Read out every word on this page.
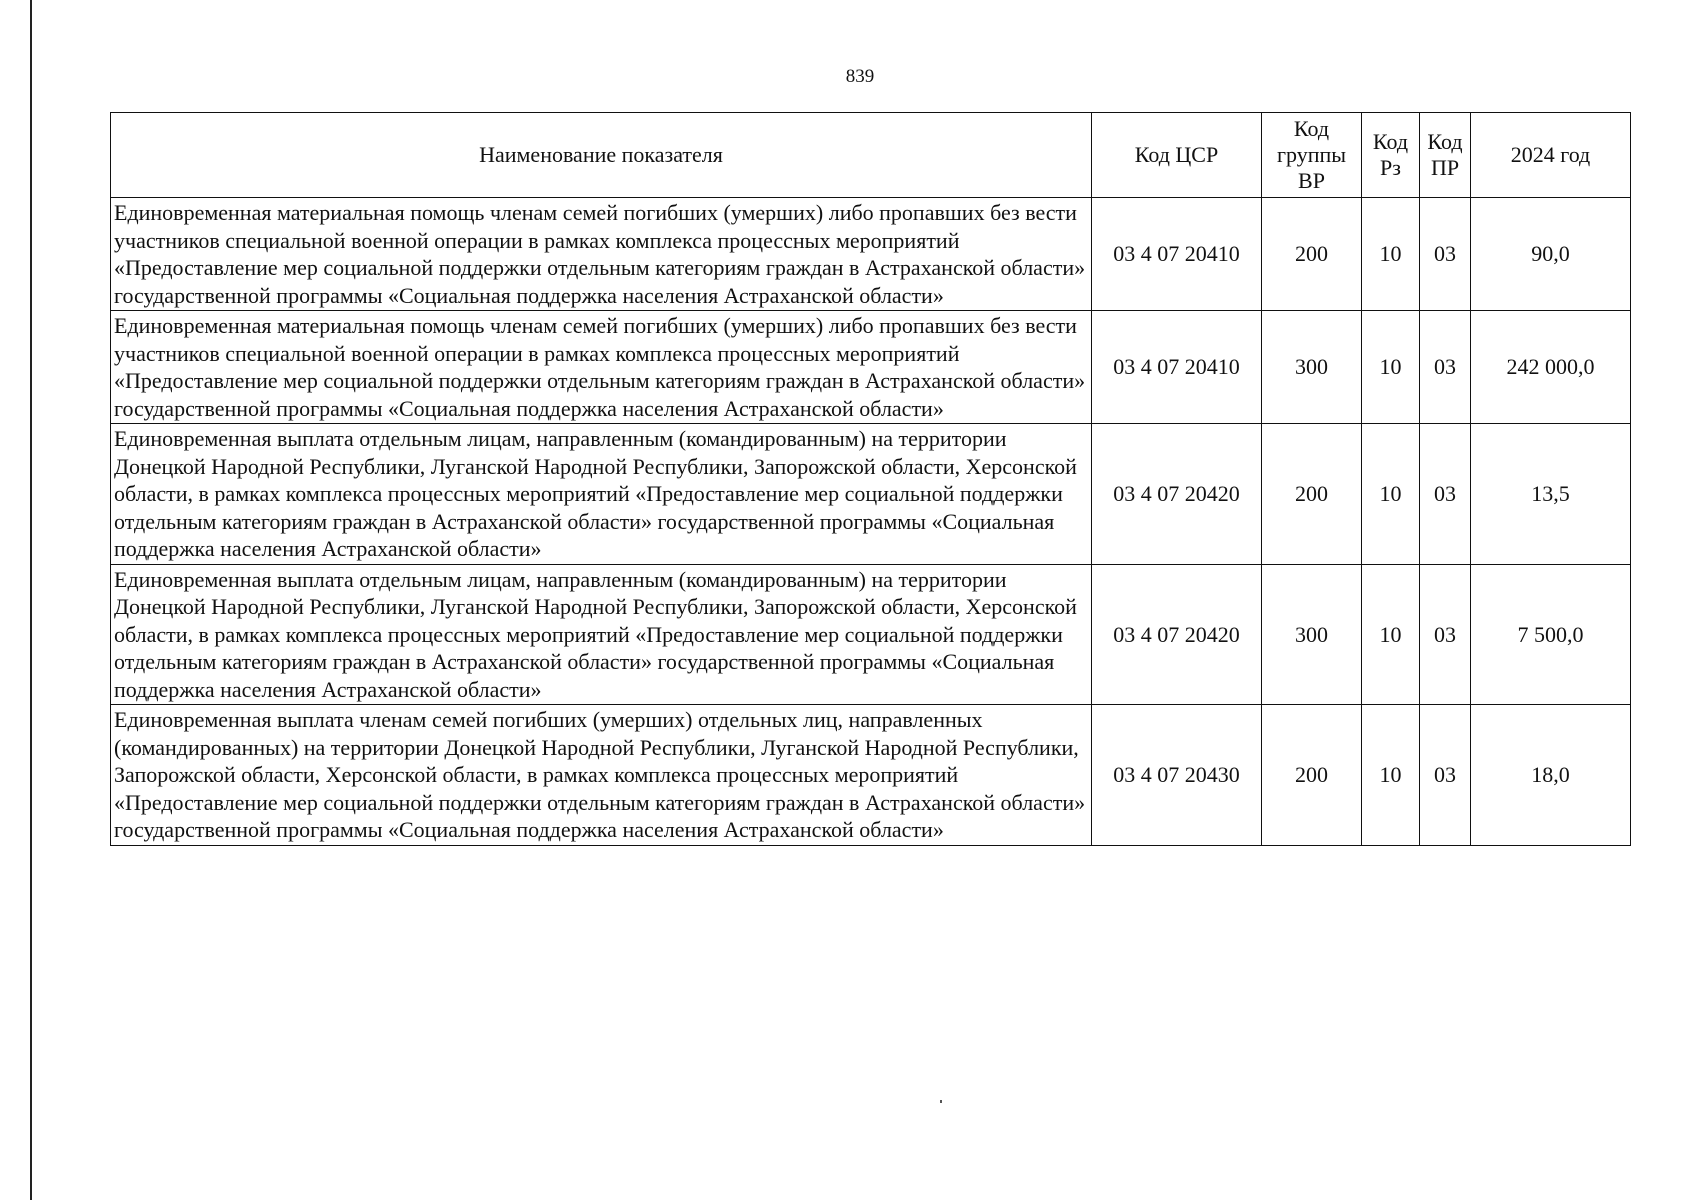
839
Наименование показателя	Код ЦСР	Код группы ВР	Код Рз	Код ПР	2024 год
Единовременная материальная помощь членам семей погибших (умерших) либо пропавших без вести участников специальной военной операции в рамках комплекса процессных мероприятий «Предоставление мер социальной поддержки отдельным категориям граждан в Астраханской области» государственной программы «Социальная поддержка населения Астраханской области»	03 4 07 20410	200	10	03	90,0
Единовременная материальная помощь членам семей погибших (умерших) либо пропавших без вести участников специальной военной операции в рамках комплекса процессных мероприятий «Предоставление мер социальной поддержки отдельным категориям граждан в Астраханской области» государственной программы «Социальная поддержка населения Астраханской области»	03 4 07 20410	300	10	03	242 000,0
Единовременная выплата отдельным лицам, направленным (командированным) на территории Донецкой Народной Республики, Луганской Народной Республики, Запорожской области, Херсонской области, в рамках комплекса процессных мероприятий «Предоставление мер социальной поддержки отдельным категориям граждан в Астраханской области» государственной программы «Социальная поддержка населения Астраханской области»	03 4 07 20420	200	10	03	13,5
Единовременная выплата отдельным лицам, направленным (командированным) на территории Донецкой Народной Республики, Луганской Народной Республики, Запорожской области, Херсонской области, в рамках комплекса процессных мероприятий «Предоставление мер социальной поддержки отдельным категориям граждан в Астраханской области» государственной программы «Социальная поддержка населения Астраханской области»	03 4 07 20420	300	10	03	7 500,0
Единовременная выплата членам семей погибших (умерших) отдельных лиц, направленных (командированных) на территории Донецкой Народной Республики, Луганской Народной Республики, Запорожской области, Херсонской области, в рамках комплекса процессных мероприятий «Предоставление мер социальной поддержки отдельным категориям граждан в Астраханской области» государственной программы «Социальная поддержка населения Астраханской области»	03 4 07 20430	200	10	03	18,0
